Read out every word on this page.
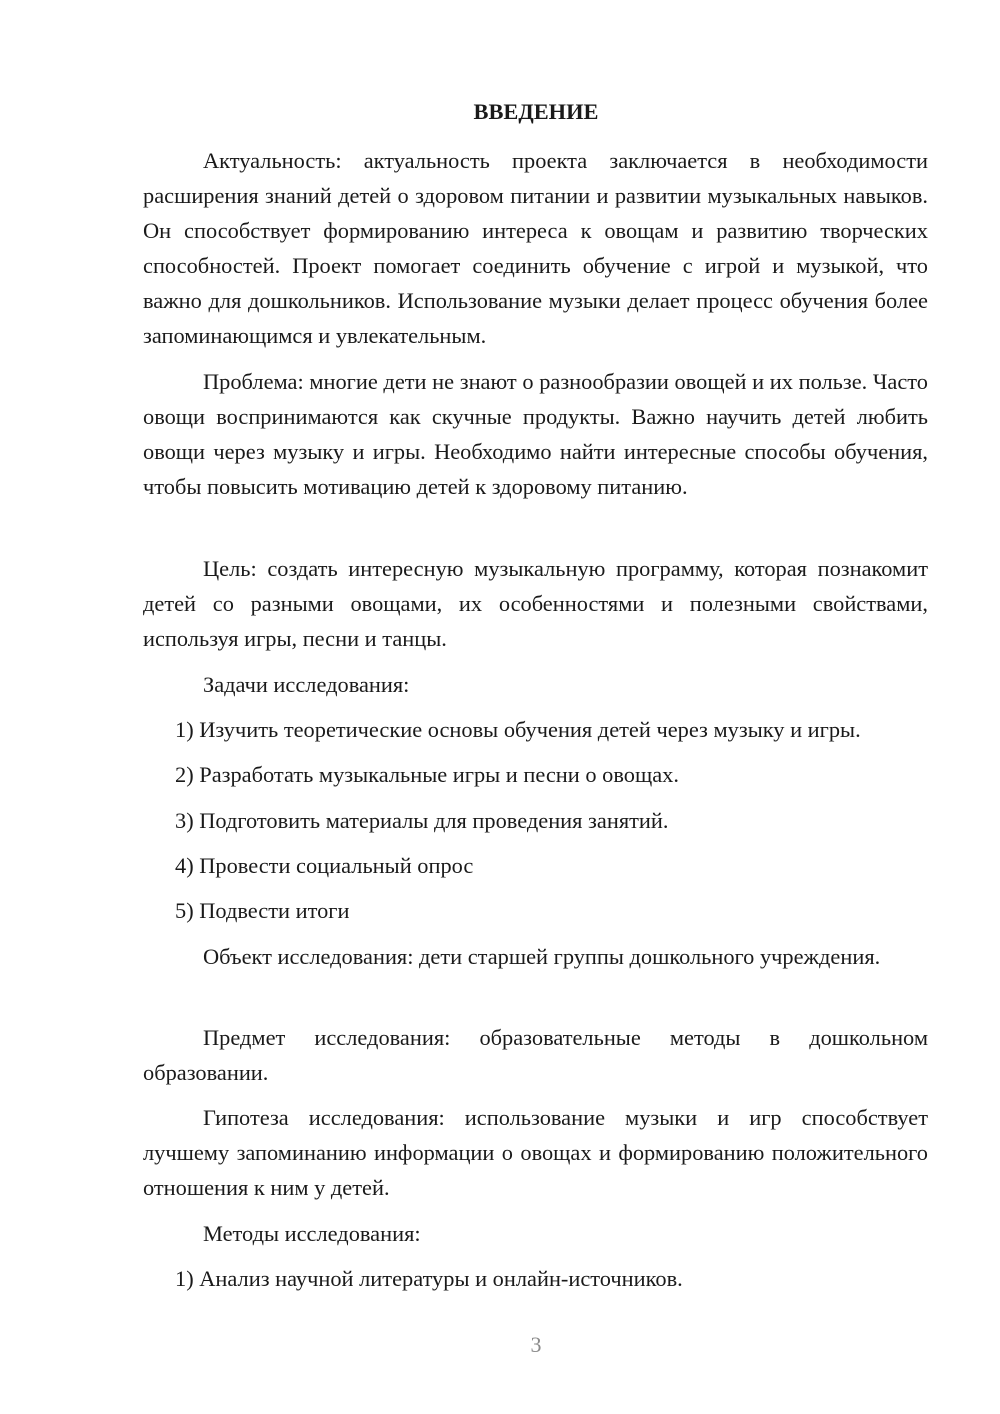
ВВЕДЕНИЕ

Актуальность: актуальность проекта заключается в необходимости расширения знаний детей о здоровом питании и развитии музыкальных навыков. Он способствует формированию интереса к овощам и развитию творческих способностей. Проект помогает соединить обучение с игрой и музыкой, что важно для дошкольников. Использование музыки делает процесс обучения более запоминающимся и увлекательным.

Проблема: многие дети не знают о разнообразии овощей и их пользе. Часто овощи воспринимаются как скучные продукты. Важно научить детей любить овощи через музыку и игры. Необходимо найти интересные способы обучения, чтобы повысить мотивацию детей к здоровому питанию.

Цель: создать интересную музыкальную программу, которая познакомит детей со разными овощами, их особенностями и полезными свойствами, используя игры, песни и танцы.

Задачи исследования:

1) Изучить теоретические основы обучения детей через музыку и игры.

2) Разработать музыкальные игры и песни о овощах.

3) Подготовить материалы для проведения занятий.

4) Провести социальный опрос

5) Подвести итоги

Объект исследования: дети старшей группы дошкольного учреждения.

Предмет исследования: образовательные методы в дошкольном образовании.

Гипотеза исследования: использование музыки и игр способствует лучшему запоминанию информации о овощах и формированию положительного отношения к ним у детей.

Методы исследования:

1) Анализ научной литературы и онлайн-источников.

3
